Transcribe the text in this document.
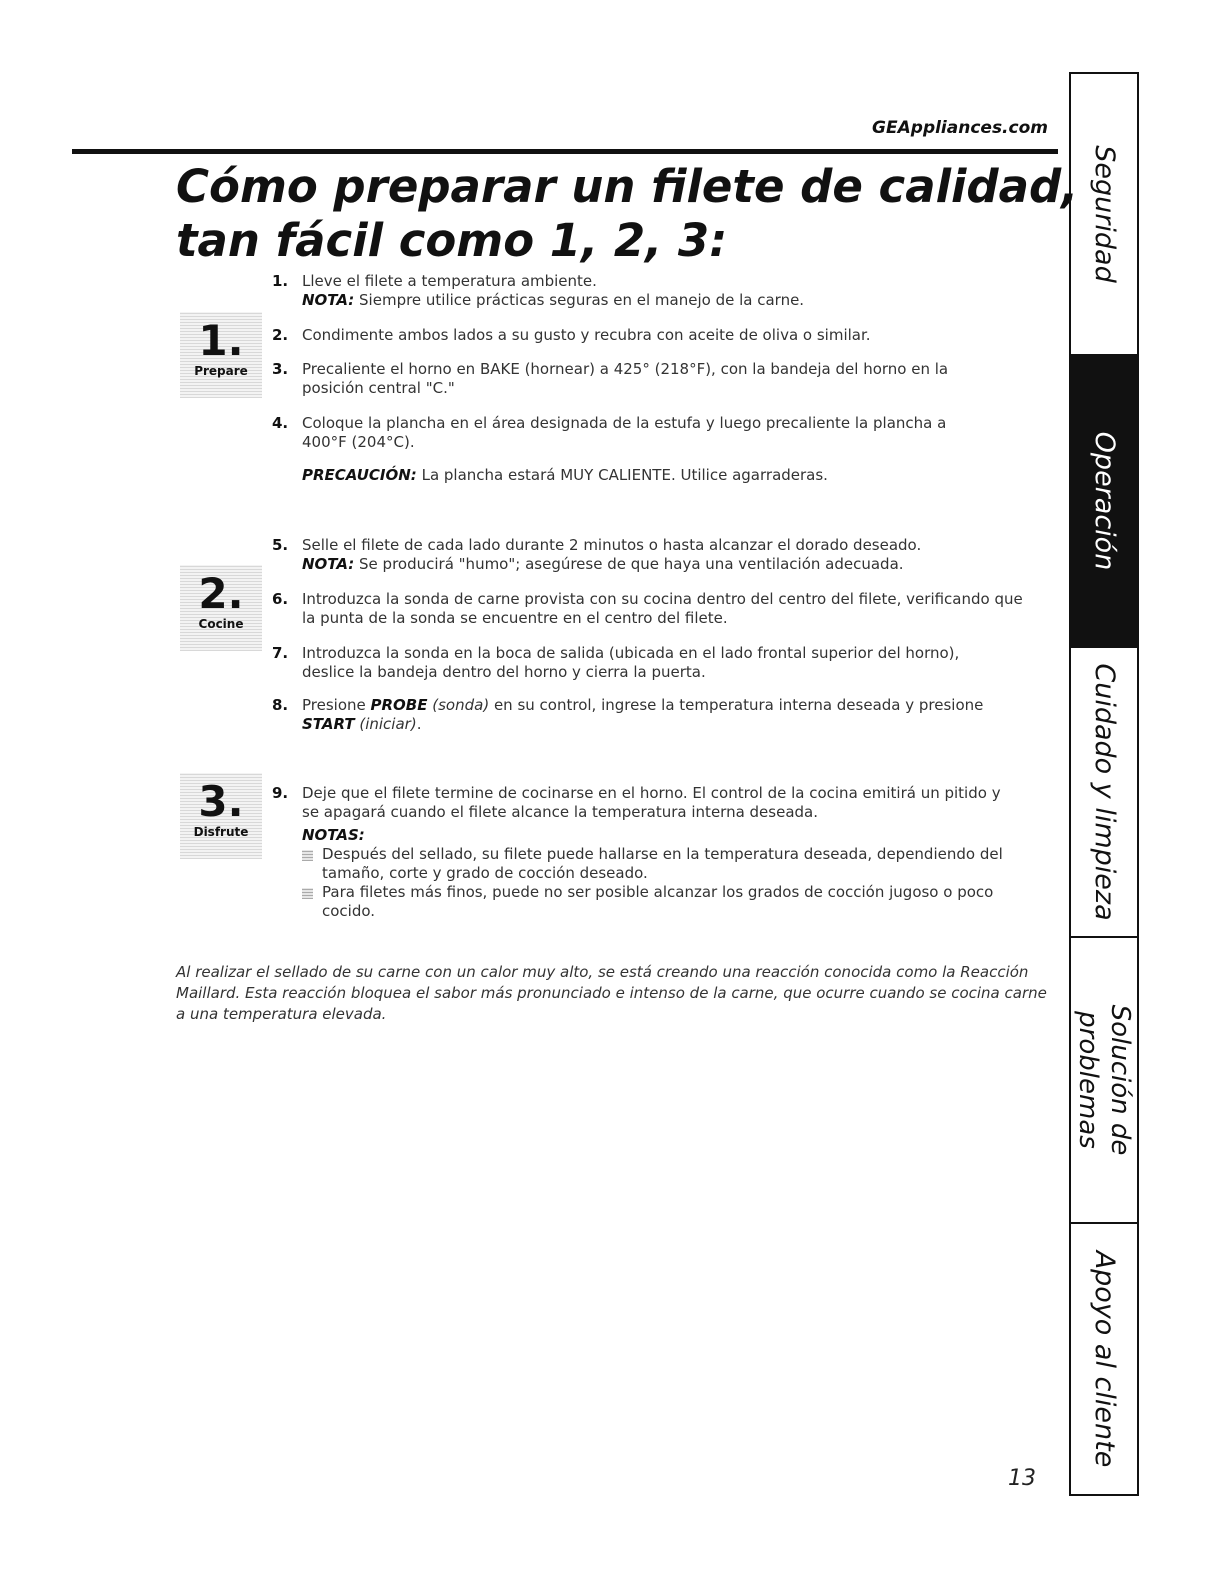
GEAppliances.com
Cómo preparar un filete de calidad,
tan fácil como 1, 2, 3:
1.
Prepare
2.
Cocine
3.
Disfrute
1. Lleve el filete a temperatura ambiente.

NOTA: Siempre utilice prácticas seguras en el manejo de la carne.

2. Condimente ambos lados a su gusto y recubra con aceite de oliva o similar.

3. Precaliente el horno en BAKE (hornear) a 425° (218°F), con la bandeja del horno en la posición central "C."

4. Coloque la plancha en el área designada de la estufa y luego precaliente la plancha a 400°F (204°C).

PRECAUCIÓN: La plancha estará MUY CALIENTE. Utilice agarraderas.

5. Selle el filete de cada lado durante 2 minutos o hasta alcanzar el dorado deseado.

NOTA: Se producirá "humo"; asegúrese de que haya una ventilación adecuada.

6. Introduzca la sonda de carne provista con su cocina dentro del centro del filete, verificando que la punta de la sonda se encuentre en el centro del filete.

7. Introduzca la sonda en la boca de salida (ubicada en el lado frontal superior del horno), deslice la bandeja dentro del horno y cierra la puerta.

8. Presione PROBE (sonda) en su control, ingrese la temperatura interna deseada y presione START (iniciar).

9. Deje que el filete termine de cocinarse en el horno. El control de la cocina emitirá un pitido y se apagará cuando el filete alcance la temperatura interna deseada.

NOTAS:

Después del sellado, su filete puede hallarse en la temperatura deseada, dependiendo del tamaño, corte y grado de cocción deseado.

Para filetes más finos, puede no ser posible alcanzar los grados de cocción jugoso o poco cocido.

Al realizar el sellado de su carne con un calor muy alto, se está creando una reacción conocida como la Reacción Maillard. Esta reacción bloquea el sabor más pronunciado e intenso de la carne, que ocurre cuando se cocina carne a una temperatura elevada.

Seguridad
Operación
Cuidado y limpieza
Solución de problemas
Apoyo al cliente
13
